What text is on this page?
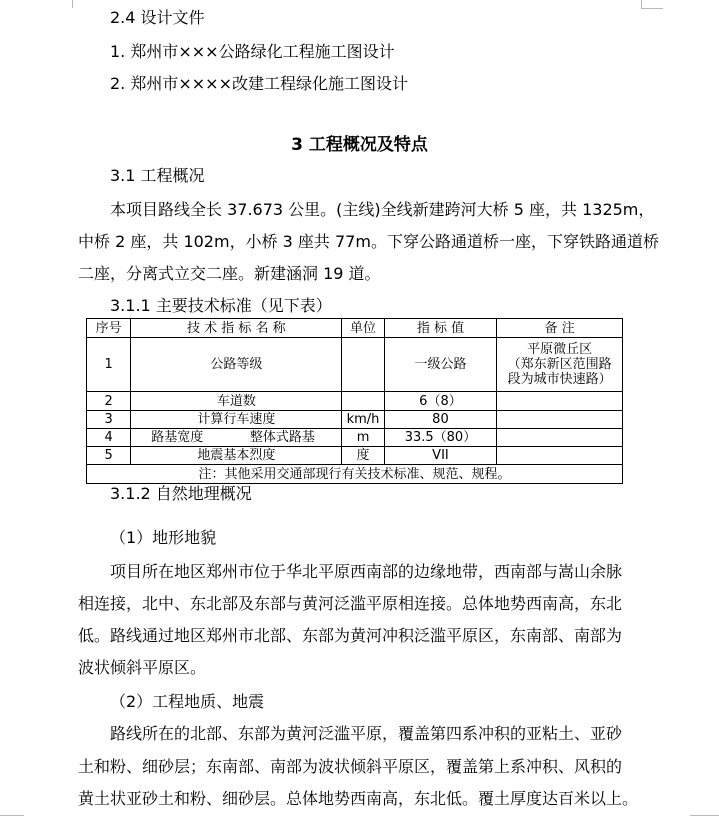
2.4 设计文件
1. 郑州市×××公路绿化工程施工图设计
2. 郑州市××××改建工程绿化施工图设计
3 工程概况及特点
3.1 工程概况
本项目路线全长 37.673 公里。(主线)全线新建跨河大桥 5 座，共 1325m，
中桥 2 座，共 102m，小桥 3 座共 77m。下穿公路通道桥一座，下穿铁路通道桥
二座，分离式立交二座。新建涵洞 19 道。
3.1.1 主要技术标准（见下表）
序号	技 术 指 标 名 称		单位	指 标 值	备 注
1	公路等级			一级公路	平原微丘区
（郑东新区范围路
段为城市快速路）

2	车道数			6（8）	
3	计算行车速度		km/h	80	
4	路基宽度	整体式路基	m	33.5（80）	
5	地震基本烈度		度	VII	
注：其他采用交通部现行有关技术标准、规范、规程。					
3.1.2 自然地理概况
（1）地形地貌
项目所在地区郑州市位于华北平原西南部的边缘地带，西南部与嵩山余脉
相连接，北中、东北部及东部与黄河泛滥平原相连接。总体地势西南高，东北
低。路线通过地区郑州市北部、东部为黄河冲积泛滥平原区，东南部、南部为
波状倾斜平原区。
（2）工程地质、地震
路线所在的北部、东部为黄河泛滥平原，覆盖第四系冲积的亚粘土、亚砂
土和粉、细砂层；东南部、南部为波状倾斜平原区，覆盖第上系冲积、风积的
黄土状亚砂土和粉、细砂层。总体地势西南高，东北低。覆土厚度达百米以上。
